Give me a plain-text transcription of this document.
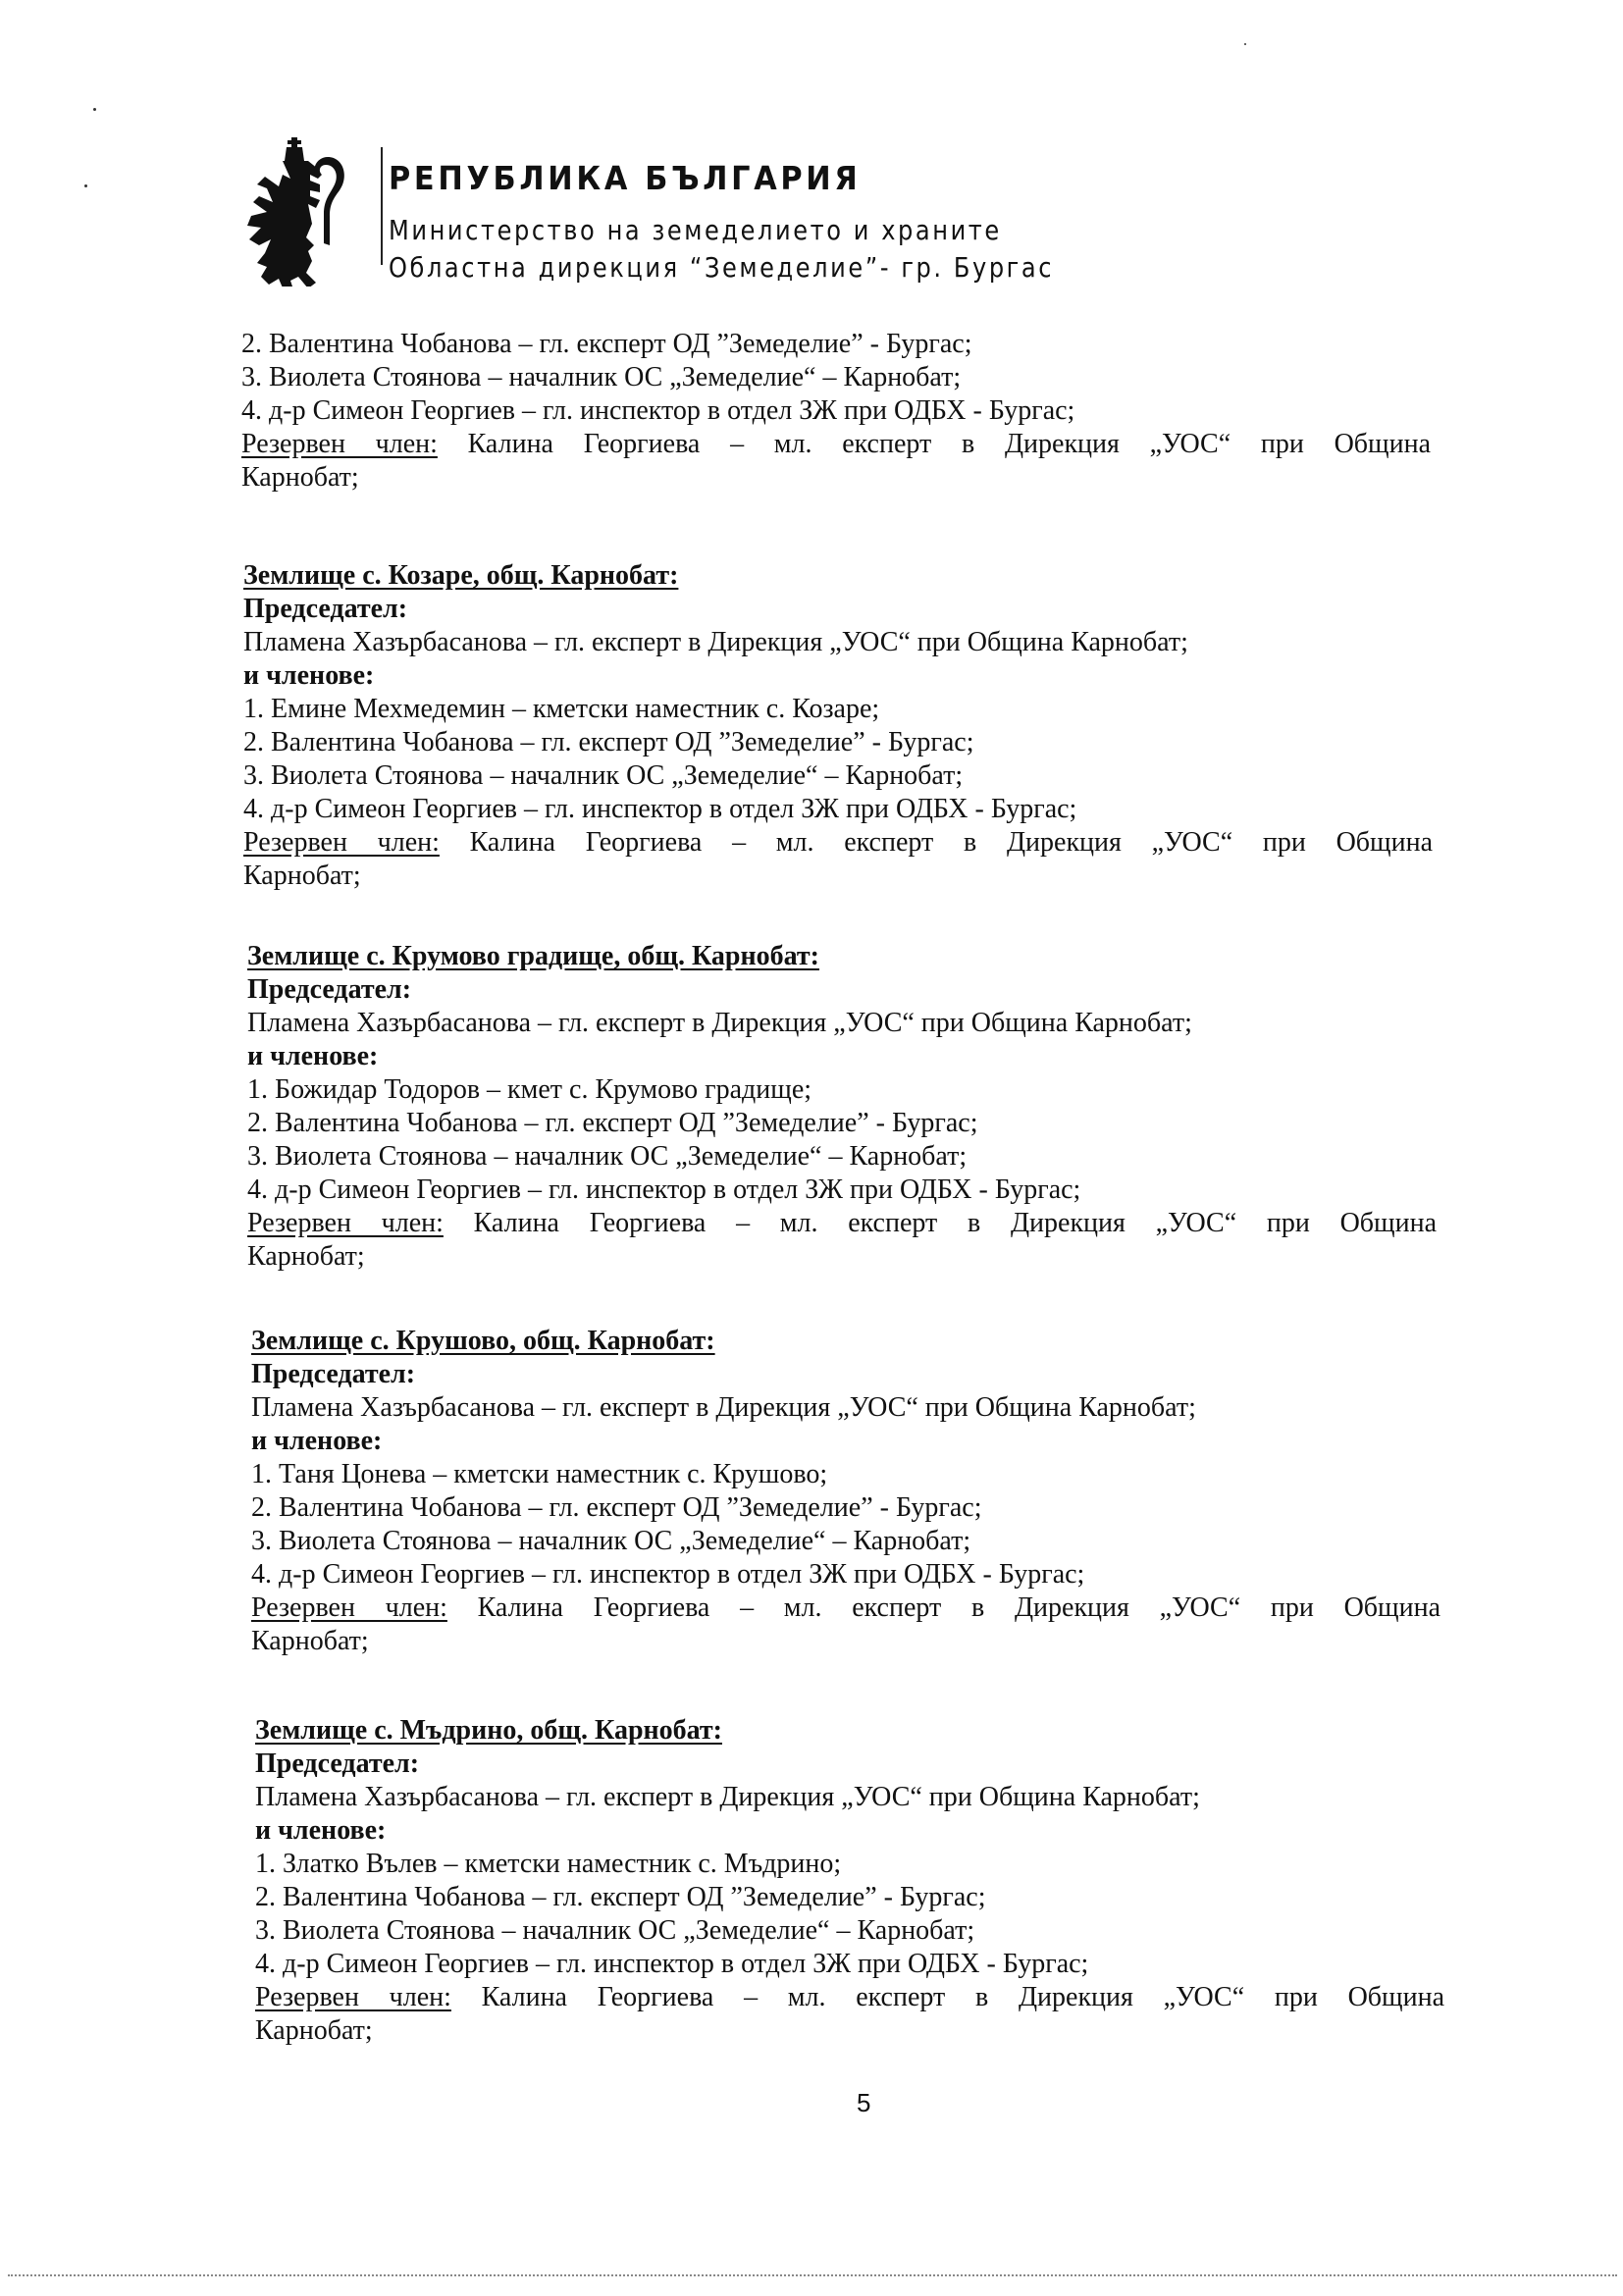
РЕПУБЛИКА БЪЛГАРИЯ
Министерство на земеделието и храните
Областна дирекция “Земеделие”- гр. Бургас
2. Валентина Чобанова – гл. експерт ОД ”Земеделие” - Бургас;
3. Виолета Стоянова – началник ОС „Земеделие“ – Карнобат;
4. д-р Симеон Георгиев – гл. инспектор в отдел ЗЖ при ОДБХ - Бургас;
Резервен член: Калина Георгиева – мл. експерт в Дирекция „УОС“ при Община
Карнобат;
Землище с. Козаре, общ. Карнобат:
Председател:
Пламена Хазърбасанова – гл. експерт в Дирекция „УОС“ при Община Карнобат;
и членове:
1. Емине Мехмедемин – кметски наместник с. Козаре;
2. Валентина Чобанова – гл. експерт ОД ”Земеделие” - Бургас;
3. Виолета Стоянова – началник ОС „Земеделие“ – Карнобат;
4. д-р Симеон Георгиев – гл. инспектор в отдел ЗЖ при ОДБХ - Бургас;
Резервен член: Калина Георгиева – мл. експерт в Дирекция „УОС“ при Община
Карнобат;
Землище с. Крумово градище, общ. Карнобат:
Председател:
Пламена Хазърбасанова – гл. експерт в Дирекция „УОС“ при Община Карнобат;
и членове:
1. Божидар Тодоров – кмет с. Крумово градище;
2. Валентина Чобанова – гл. експерт ОД ”Земеделие” - Бургас;
3. Виолета Стоянова – началник ОС „Земеделие“ – Карнобат;
4. д-р Симеон Георгиев – гл. инспектор в отдел ЗЖ при ОДБХ - Бургас;
Резервен член: Калина Георгиева – мл. експерт в Дирекция „УОС“ при Община
Карнобат;
Землище с. Крушово, общ. Карнобат:
Председател:
Пламена Хазърбасанова – гл. експерт в Дирекция „УОС“ при Община Карнобат;
и членове:
1. Таня Цонева – кметски наместник с. Крушово;
2. Валентина Чобанова – гл. експерт ОД ”Земеделие” - Бургас;
3. Виолета Стоянова – началник ОС „Земеделие“ – Карнобат;
4. д-р Симеон Георгиев – гл. инспектор в отдел ЗЖ при ОДБХ - Бургас;
Резервен член: Калина Георгиева – мл. експерт в Дирекция „УОС“ при Община
Карнобат;
Землище с. Мъдрино, общ. Карнобат:
Председател:
Пламена Хазърбасанова – гл. експерт в Дирекция „УОС“ при Община Карнобат;
и членове:
1. Златко Вълев – кметски наместник с. Мъдрино;
2. Валентина Чобанова – гл. експерт ОД ”Земеделие” - Бургас;
3. Виолета Стоянова – началник ОС „Земеделие“ – Карнобат;
4. д-р Симеон Георгиев – гл. инспектор в отдел ЗЖ при ОДБХ - Бургас;
Резервен член: Калина Георгиева – мл. експерт в Дирекция „УОС“ при Община
Карнобат;
5
